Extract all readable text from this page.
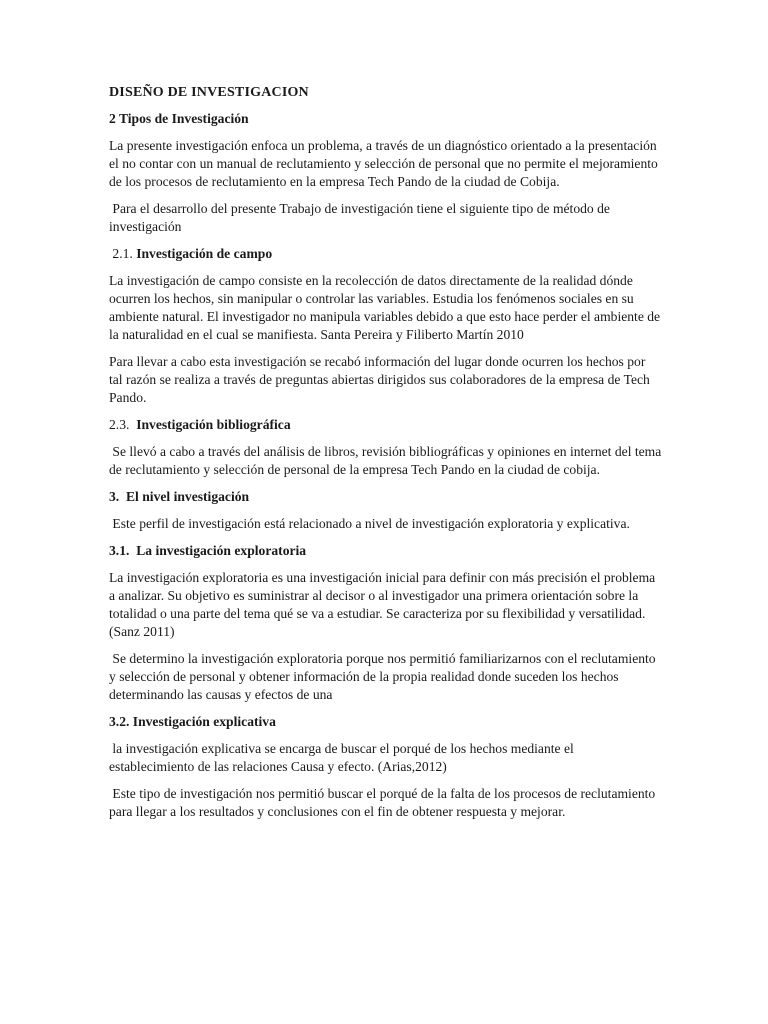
DISEÑO DE INVESTIGACION
2 Tipos de Investigación

La presente investigación enfoca un problema, a través de un diagnóstico orientado a la presentación el no contar con un manual de reclutamiento y selección de personal que no permite el mejoramiento de los procesos de reclutamiento en la empresa Tech Pando de la ciudad de Cobija.

Para el desarrollo del presente Trabajo de investigación tiene el siguiente tipo de método de investigación

2.1. Investigación de campo

La investigación de campo consiste en la recolección de datos directamente de la realidad dónde ocurren los hechos, sin manipular o controlar las variables. Estudia los fenómenos sociales en su ambiente natural. El investigador no manipula variables debido a que esto hace perder el ambiente de la naturalidad en el cual se manifiesta. Santa Pereira y Filiberto Martín 2010

Para llevar a cabo esta investigación se recabó información del lugar donde ocurren los hechos por tal razón se realiza a través de preguntas abiertas dirigidos sus colaboradores de la empresa de Tech Pando.

2.3.  Investigación bibliográfica

Se llevó a cabo a través del análisis de libros, revisión bibliográficas y opiniones en internet del tema de reclutamiento y selección de personal de la empresa Tech Pando en la ciudad de cobija.

3.  El nivel investigación

Este perfil de investigación está relacionado a nivel de investigación exploratoria y explicativa.

3.1.  La investigación exploratoria

La investigación exploratoria es una investigación inicial para definir con más precisión el problema a analizar. Su objetivo es suministrar al decisor o al investigador una primera orientación sobre la totalidad o una parte del tema qué se va a estudiar. Se caracteriza por su flexibilidad y versatilidad.  (Sanz 2011)

Se determino la investigación exploratoria porque nos permitió familiarizarnos con el reclutamiento y selección de personal y obtener información de la propia realidad donde suceden los hechos determinando las causas y efectos de una

3.2. Investigación explicativa

la investigación explicativa se encarga de buscar el porqué de los hechos mediante el establecimiento de las relaciones Causa y efecto. (Arias,2012)

Este tipo de investigación nos permitió buscar el porqué de la falta de los procesos de reclutamiento para llegar a los resultados y conclusiones con el fin de obtener respuesta y mejorar.
